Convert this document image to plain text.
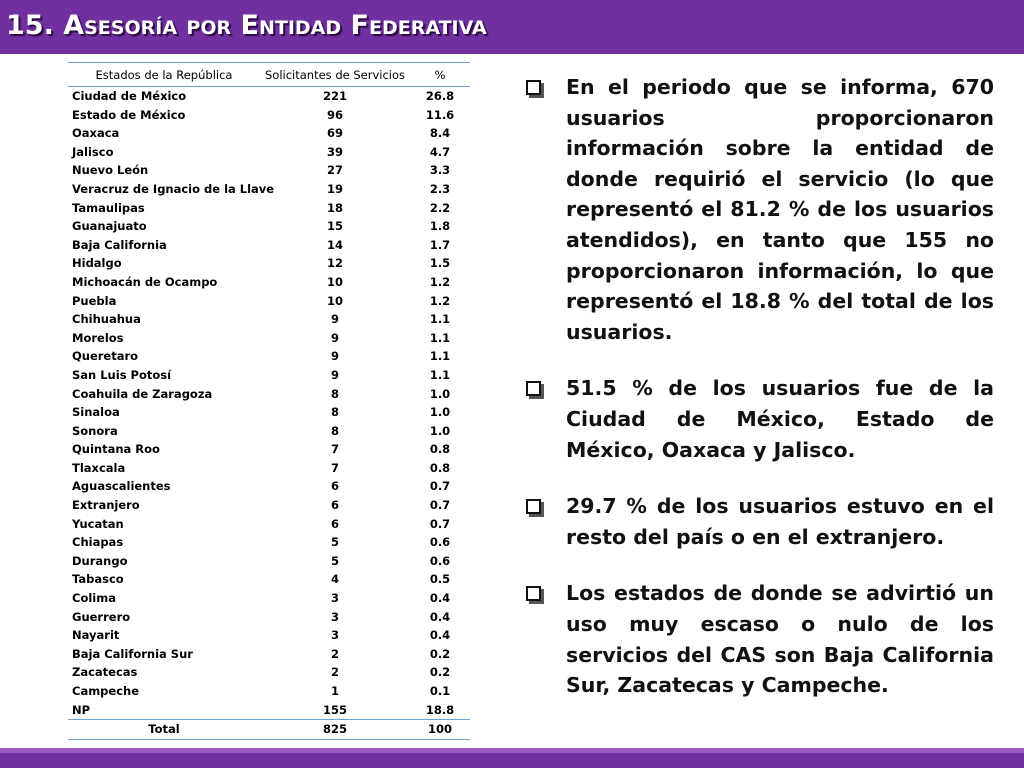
15. Asesoría por Entidad Federativa
Estados de la República	Solicitantes de Servicios	%
Ciudad de México	221	26.8
Estado de México	96	11.6
Oaxaca	69	8.4
Jalisco	39	4.7
Nuevo León	27	3.3
Veracruz de Ignacio de la Llave	19	2.3
Tamaulipas	18	2.2
Guanajuato	15	1.8
Baja California	14	1.7
Hidalgo	12	1.5
Michoacán de Ocampo	10	1.2
Puebla	10	1.2
Chihuahua	9	1.1
Morelos	9	1.1
Queretaro	9	1.1
San Luis Potosí	9	1.1
Coahuila de Zaragoza	8	1.0
Sinaloa	8	1.0
Sonora	8	1.0
Quintana Roo	7	0.8
Tlaxcala	7	0.8
Aguascalientes	6	0.7
Extranjero	6	0.7
Yucatan	6	0.7
Chiapas	5	0.6
Durango	5	0.6
Tabasco	4	0.5
Colima	3	0.4
Guerrero	3	0.4
Nayarit	3	0.4
Baja California Sur	2	0.2
Zacatecas	2	0.2
Campeche	1	0.1
NP	155	18.8
Total	825	100

En el periodo que se informa, 670 usuarios proporcionaron información sobre la entidad de donde requirió el servicio (lo que representó el 81.2 % de los usuarios atendidos), en tanto que 155 no proporcionaron información, lo que representó el 18.8 % del total de los usuarios.

51.5 % de los usuarios fue de la Ciudad de México, Estado de México, Oaxaca y Jalisco.

29.7 % de los usuarios estuvo en el resto del país o en el extranjero.

Los estados de donde se advirtió un uso muy escaso o nulo de los servicios del CAS son Baja California Sur, Zacatecas y Campeche.
